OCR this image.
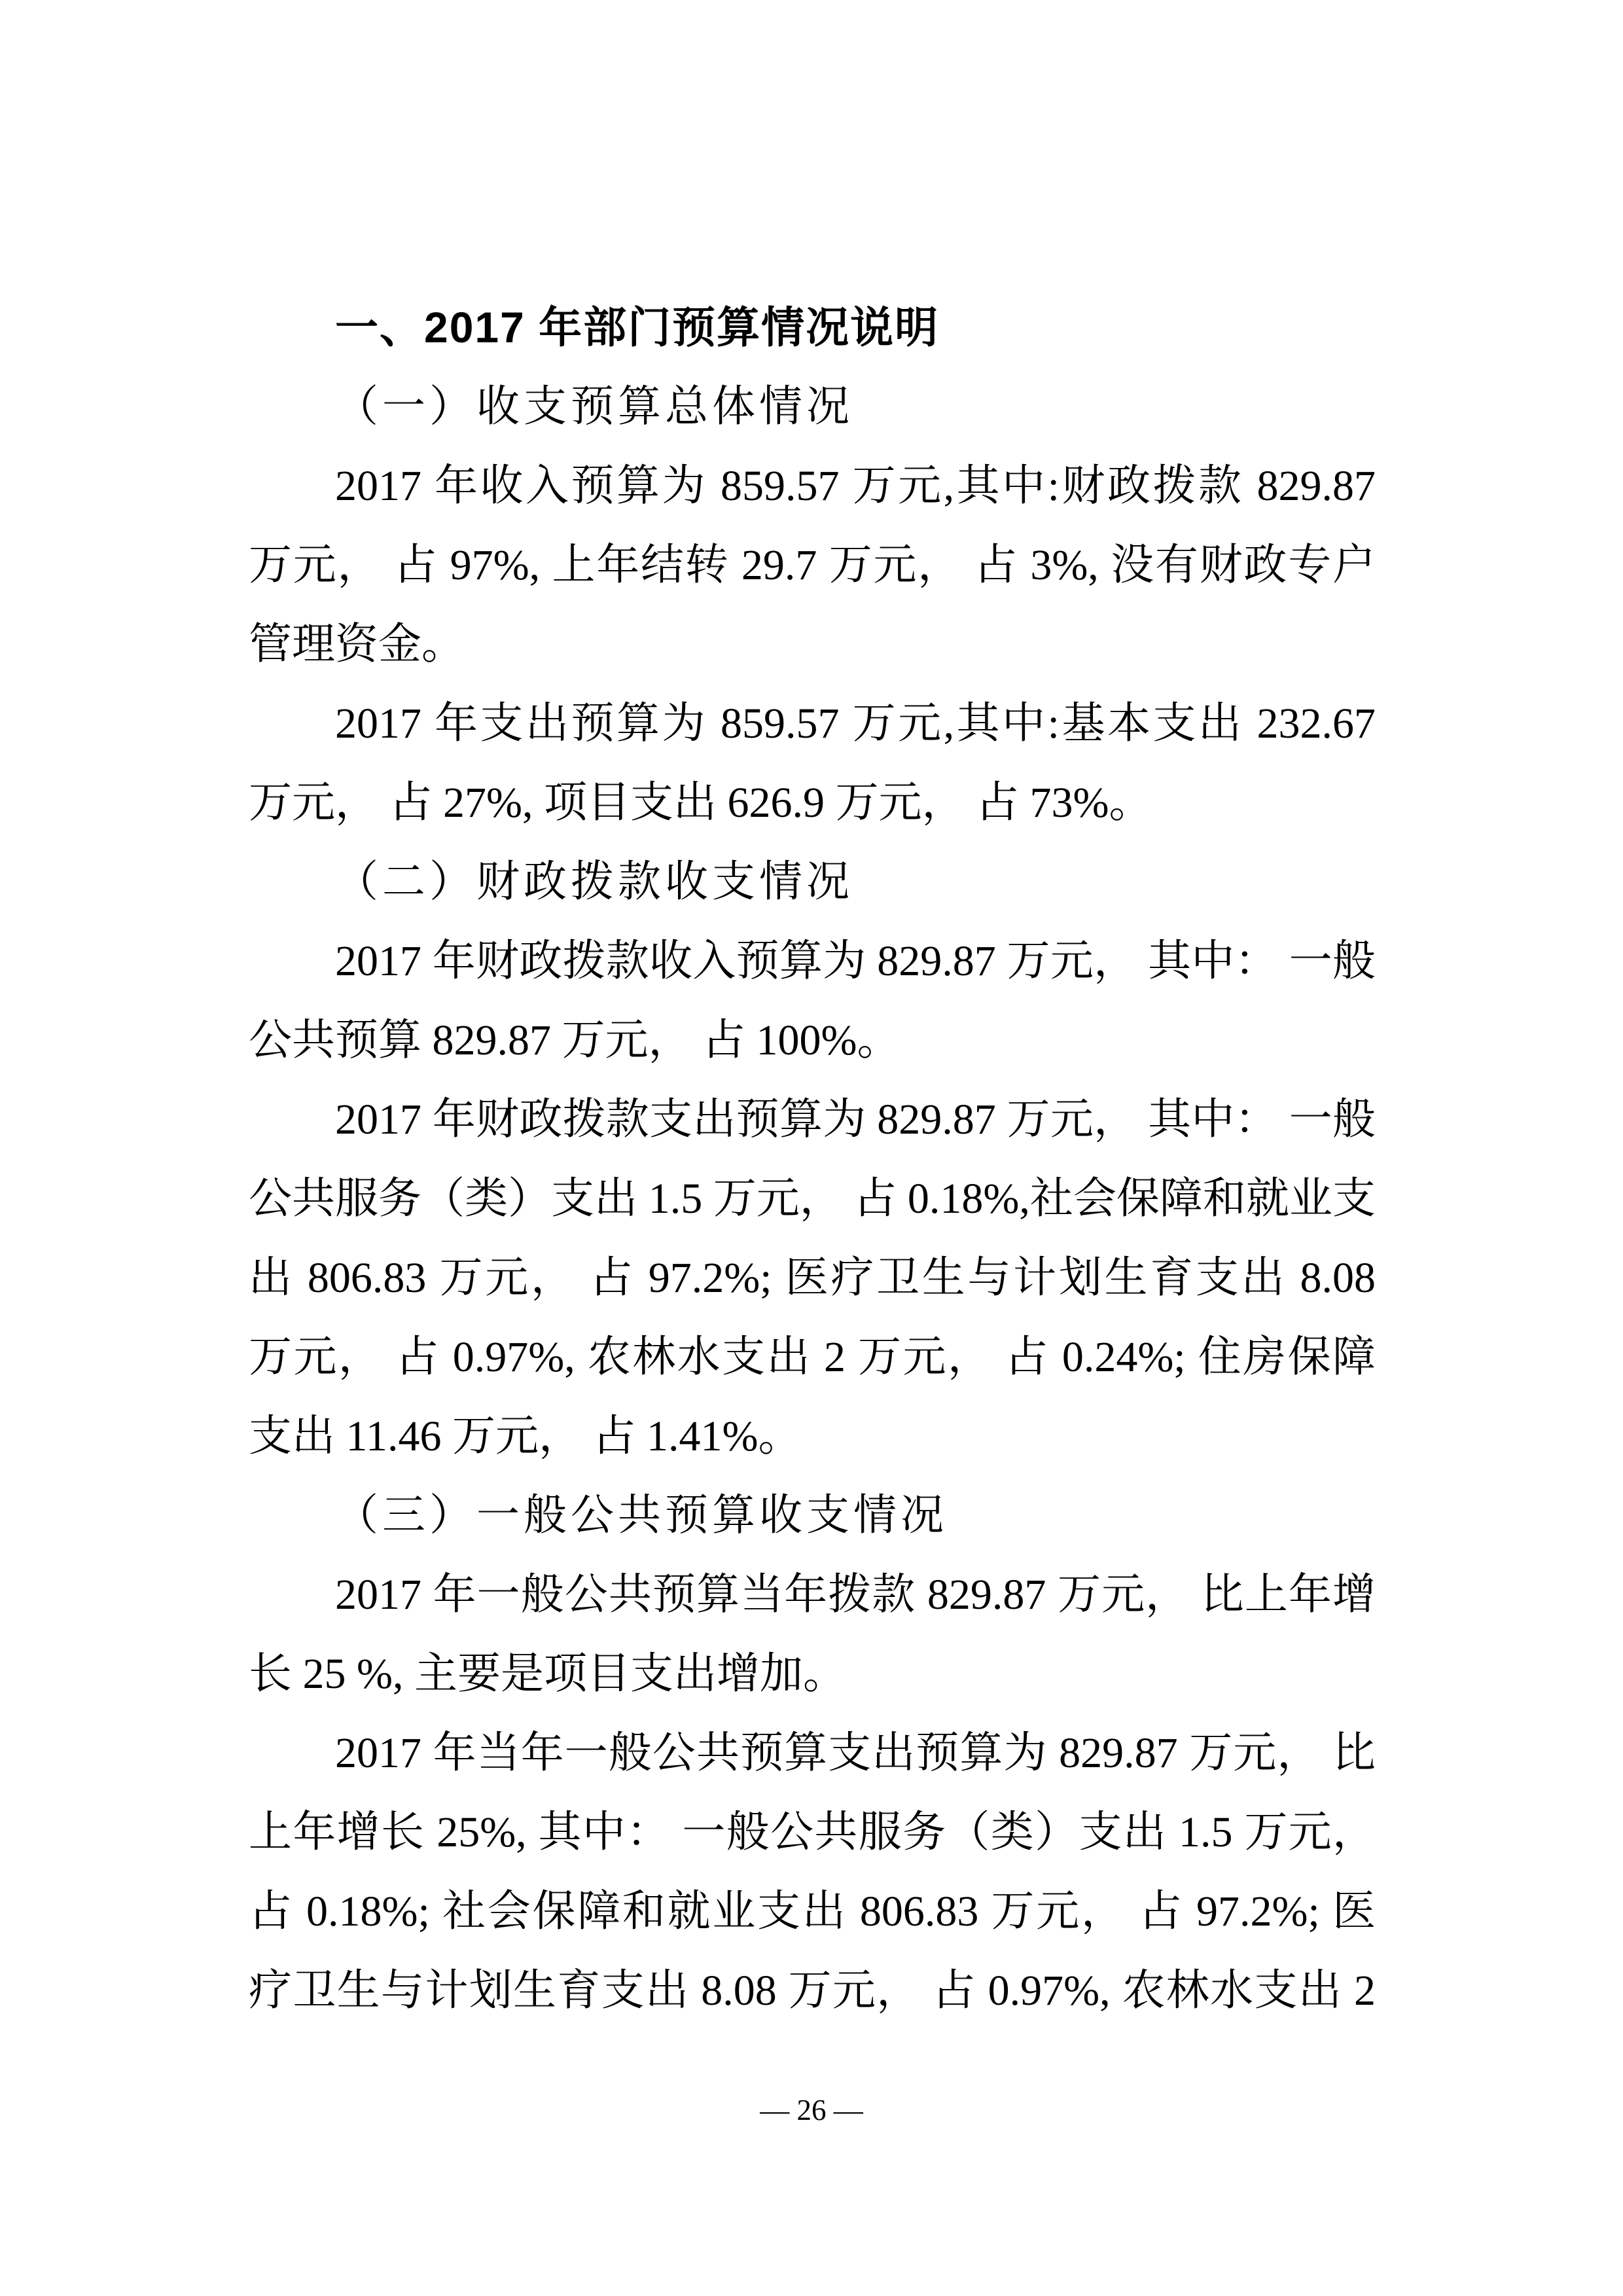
一、2017 年部门预算情况说明
（一）收支预算总体情况
2017 年收入预算为 859.57 万元,其中:财政拨款 829.87
万元， 占 97%, 上年结转 29.7 万元， 占 3%, 没有财政专户
管理资金。
2017 年支出预算为 859.57 万元,其中:基本支出 232.67
万元， 占 27%, 项目支出 626.9 万元， 占 73%。
（二）财政拨款收支情况
2017 年财政拨款收入预算为 829.87 万元， 其中： 一般
公共预算 829.87 万元， 占 100%。
2017 年财政拨款支出预算为 829.87 万元， 其中： 一般
公共服务（类）支出 1.5 万元， 占 0.18%,社会保障和就业支
出 806.83 万元， 占 97.2%; 医疗卫生与计划生育支出 8.08
万元， 占 0.97%, 农林水支出 2 万元， 占 0.24%; 住房保障
支出 11.46 万元， 占 1.41%。
（三）一般公共预算收支情况
2017 年一般公共预算当年拨款 829.87 万元， 比上年增
长 25 %, 主要是项目支出增加。
2017 年当年一般公共预算支出预算为 829.87 万元， 比
上年增长 25%, 其中： 一般公共服务（类）支出 1.5 万元，
占 0.18%; 社会保障和就业支出 806.83 万元， 占 97.2%; 医
疗卫生与计划生育支出 8.08 万元， 占 0.97%, 农林水支出 2
— 26 —
